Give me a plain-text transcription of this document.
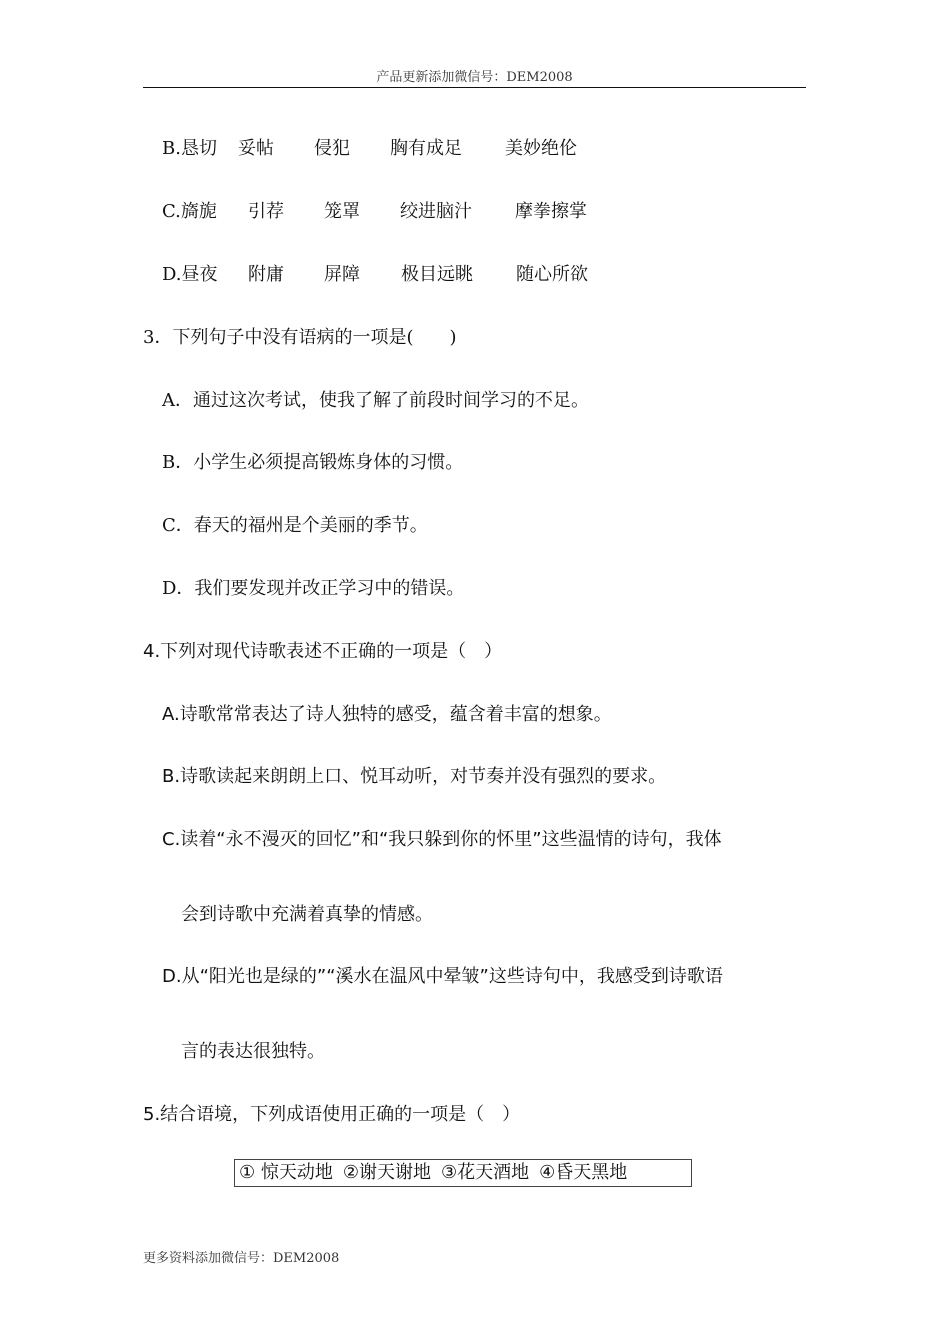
产品更新添加微信号：DEM2008
B.恳切 妥帖 侵犯 胸有成足 美妙绝伦
C.旖旎 引荐 笼罩 绞进脑汁 摩拳擦掌
D.昼夜 附庸 屏障 极目远眺 随心所欲
3．下列句子中没有语病的一项是(　　)
A．通过这次考试，使我了解了前段时间学习的不足。
B．小学生必须提高锻炼身体的习惯。
C．春天的福州是个美丽的季节。
D．我们要发现并改正学习中的错误。
4.下列对现代诗歌表述不正确的一项是（　）
A.诗歌常常表达了诗人独特的感受，蕴含着丰富的想象。
B.诗歌读起来朗朗上口、悦耳动听，对节奏并没有强烈的要求。
C.读着“永不漫灭的回忆”和“我只躲到你的怀里”这些温情的诗句，我体
会到诗歌中充满着真挚的情感。
D.从“阳光也是绿的”“溪水在温风中晕皱”这些诗句中，我感受到诗歌语
言的表达很独特。
5.结合语境，下列成语使用正确的一项是（　）
① 惊天动地 ②谢天谢地 ③花天酒地 ④昏天黑地
更多资料添加微信号：DEM2008
